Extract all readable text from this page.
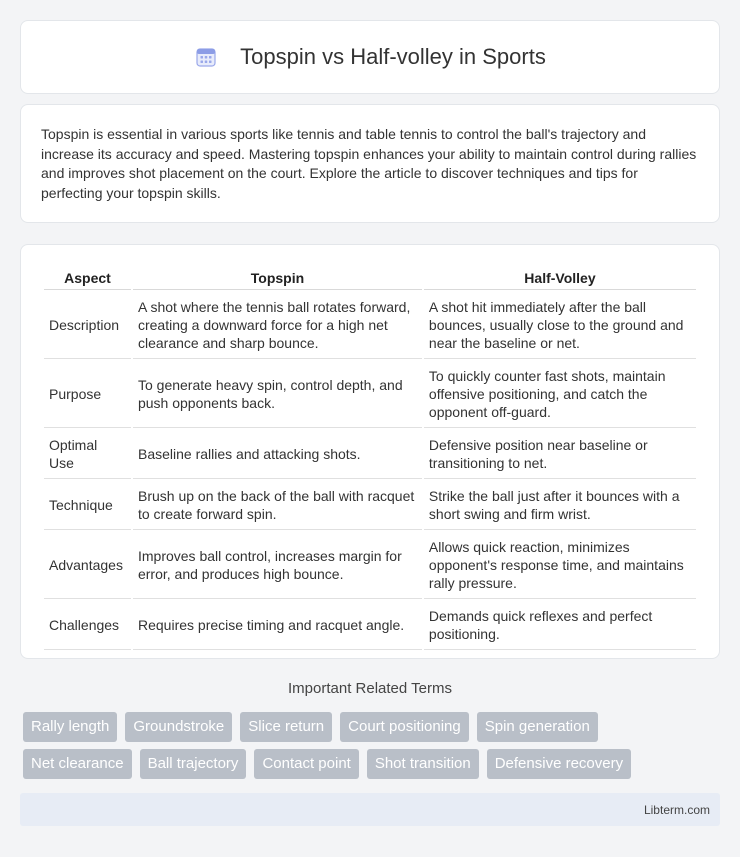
Topspin vs Half-volley in Sports

Topspin is essential in various sports like tennis and table tennis to control the ball's trajectory and increase its accuracy and speed. Mastering topspin enhances your ability to maintain control during rallies and improves shot placement on the court. Explore the article to discover techniques and tips for perfecting your topspin skills.

Aspect	Topspin	Half-Volley
Description	A shot where the tennis ball rotates forward, creating a downward force for a high net clearance and sharp bounce.	A shot hit immediately after the ball bounces, usually close to the ground and near the baseline or net.
Purpose	To generate heavy spin, control depth, and push opponents back.	To quickly counter fast shots, maintain offensive positioning, and catch the opponent off-guard.
Optimal Use	Baseline rallies and attacking shots.	Defensive position near baseline or transitioning to net.
Technique	Brush up on the back of the ball with racquet to create forward spin.	Strike the ball just after it bounces with a short swing and firm wrist.
Advantages	Improves ball control, increases margin for error, and produces high bounce.	Allows quick reaction, minimizes opponent's response time, and maintains rally pressure.
Challenges	Requires precise timing and racquet angle.	Demands quick reflexes and perfect positioning.
Important Related Terms
Rally length	Groundstroke	Slice return	Court positioning	Spin generation
Net clearance	Ball trajectory	Contact point	Shot transition	Defensive recovery
Libterm.com
